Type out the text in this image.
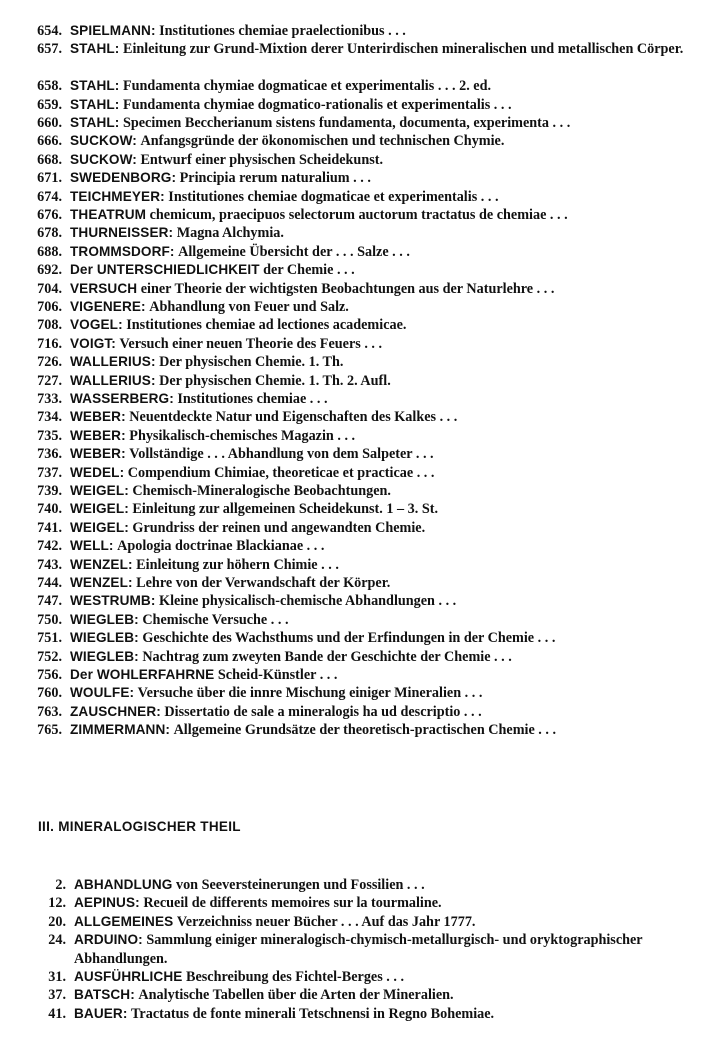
654. SPIELMANN: Institutiones chemiae praelectionibus . . .
657. STAHL: Einleitung zur Grund-Mixtion derer Unterirdischen mineralischen und metallischen Cörper.
658. STAHL: Fundamenta chymiae dogmaticae et experimentalis . . . 2. ed.
659. STAHL: Fundamenta chymiae dogmatico-rationalis et experimentalis . . .
660. STAHL: Specimen Beccherianum sistens fundamenta, documenta, experimenta . . .
666. SUCKOW: Anfangsgründe der ökonomischen und technischen Chymie.
668. SUCKOW: Entwurf einer physischen Scheidekunst.
671. SWEDENBORG: Principia rerum naturalium . . .
674. TEICHMEYER: Institutiones chemiae dogmaticae et experimentalis . . .
676. THEATRUM chemicum, praecipuos selectorum auctorum tractatus de chemiae . . .
678. THURNEISSER: Magna Alchymia.
688. TROMMSDORF: Allgemeine Übersicht der . . . Salze . . .
692. Der UNTERSCHIEDLICHKEIT der Chemie . . .
704. VERSUCH einer Theorie der wichtigsten Beobachtungen aus der Naturlehre . . .
706. VIGENERE: Abhandlung von Feuer und Salz.
708. VOGEL: Institutiones chemiae ad lectiones academicae.
716. VOIGT: Versuch einer neuen Theorie des Feuers . . .
726. WALLERIUS: Der physischen Chemie. 1. Th.
727. WALLERIUS: Der physischen Chemie. 1. Th. 2. Aufl.
733. WASSERBERG: Institutiones chemiae . . .
734. WEBER: Neuentdeckte Natur und Eigenschaften des Kalkes . . .
735. WEBER: Physikalisch-chemisches Magazin . . .
736. WEBER: Vollständige . . . Abhandlung von dem Salpeter . . .
737. WEDEL: Compendium Chimiae, theoreticae et practicae . . .
739. WEIGEL: Chemisch-Mineralogische Beobachtungen.
740. WEIGEL: Einleitung zur allgemeinen Scheidekunst. 1 – 3. St.
741. WEIGEL: Grundriss der reinen und angewandten Chemie.
742. WELL: Apologia doctrinae Blackianae . . .
743. WENZEL: Einleitung zur höhern Chimie . . .
744. WENZEL: Lehre von der Verwandschaft der Körper.
747. WESTRUMB: Kleine physicalisch-chemische Abhandlungen . . .
750. WIEGLEB: Chemische Versuche . . .
751. WIEGLEB: Geschichte des Wachsthums und der Erfindungen in der Chemie . . .
752. WIEGLEB: Nachtrag zum zweyten Bande der Geschichte der Chemie . . .
756. Der WOHLERFAHRNE Scheid-Künstler . . .
760. WOULFE: Versuche über die innre Mischung einiger Mineralien . . .
763. ZAUSCHNER: Dissertatio de sale a mineralogis ha ud descriptio . . .
765. ZIMMERMANN: Allgemeine Grundsätze der theoretisch-practischen Chemie . . .
III. MINERALOGISCHER THEIL
2. ABHANDLUNG von Seeversteinerungen und Fossilien . . .
12. AEPINUS: Recueil de differents memoires sur la tourmaline.
20. ALLGEMEINES Verzeichniss neuer Bücher . . . Auf das Jahr 1777.
24. ARDUINO: Sammlung einiger mineralogisch-chymisch-metallurgisch- und oryktographischer Abhandlungen.
31. AUSFÜHRLICHE Beschreibung des Fichtel-Berges . . .
37. BATSCH: Analytische Tabellen über die Arten der Mineralien.
41. BAUER: Tractatus de fonte minerali Tetschnensi in Regno Bohemiae.
